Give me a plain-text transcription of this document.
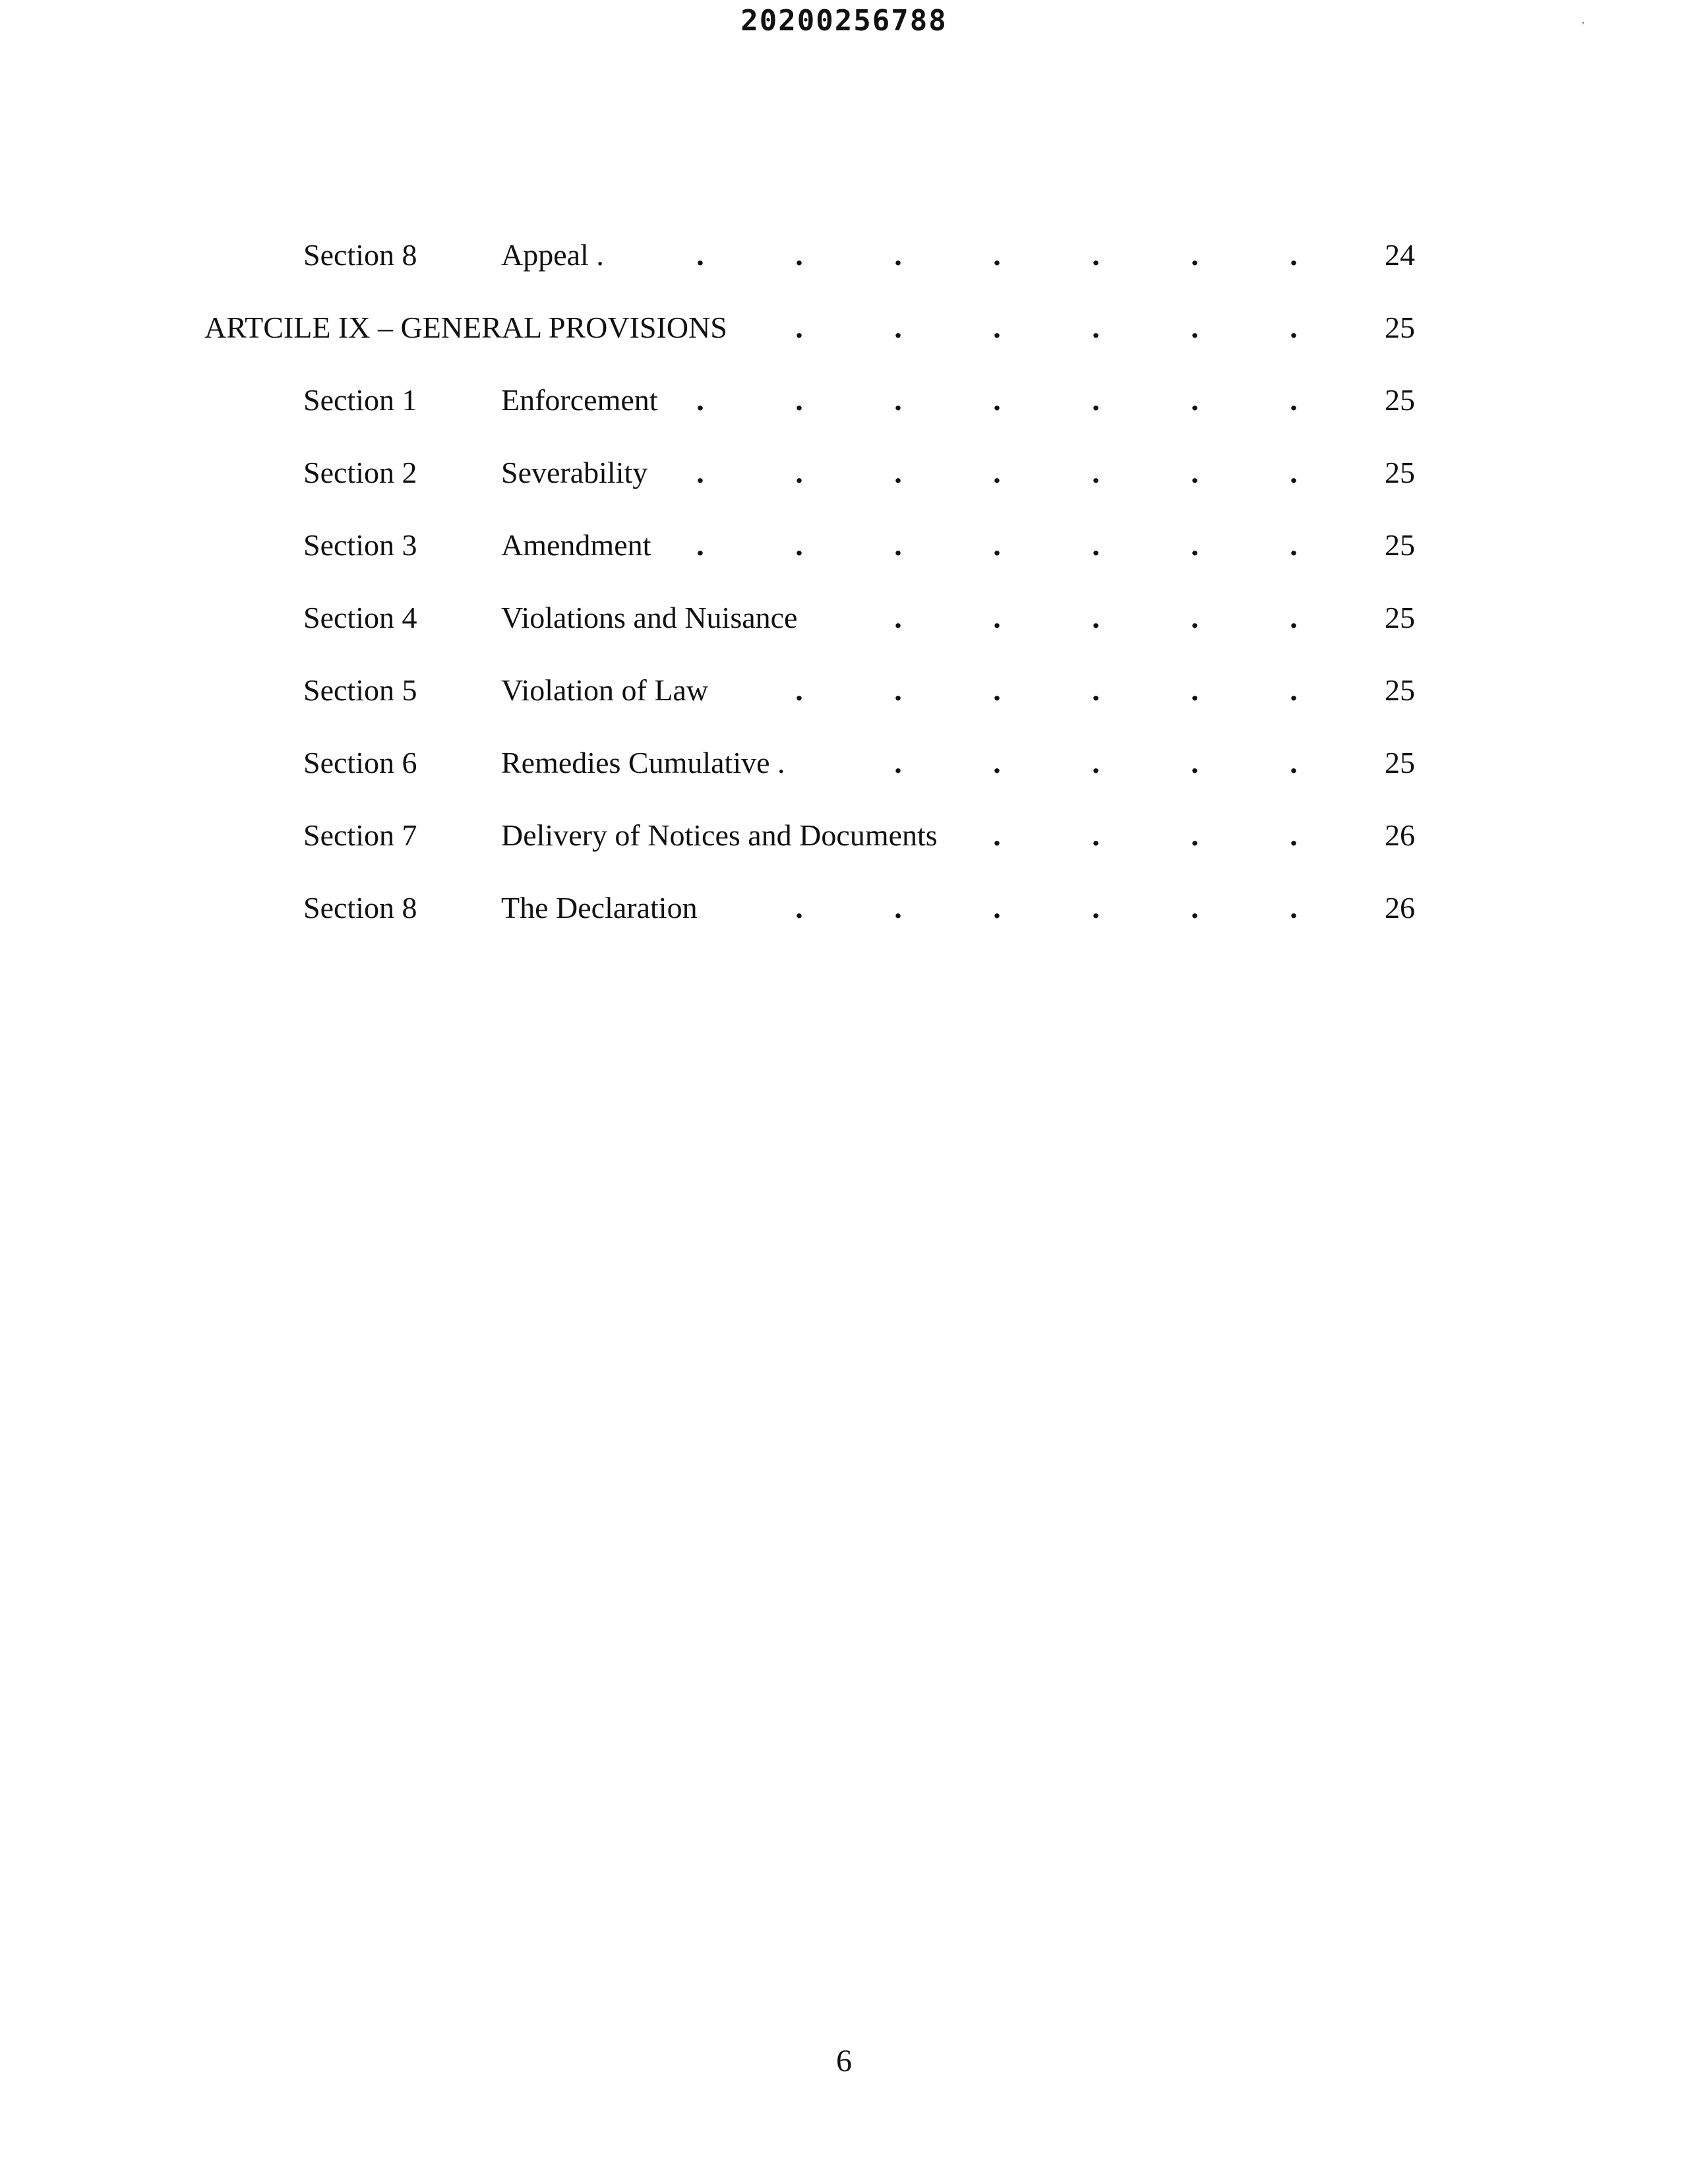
20200256788	’
Section 8	Appeal .	.	.	.	.	.	.	.	24
ARTCILE IX – GENERAL PROVISIONS .	.	.	.	.	.	25
Section 1	Enforcement .	.	.	.	.	.	.	25
Section 2	Severability .	.	.	.	.	.	.	25
Section 3	Amendment .	.	.	.	.	.	.	25
Section 4	Violations and Nuisance	.	.	.	.	.	25
Section 5	Violation of Law	.	.	.	.	.	.	25
Section 6	Remedies Cumulative .	.	.	.	.	.	25
Section 7	Delivery of Notices and Documents .	.	.	.	26
Section 8	The Declaration	.	.	.	.	.	.	26
6
